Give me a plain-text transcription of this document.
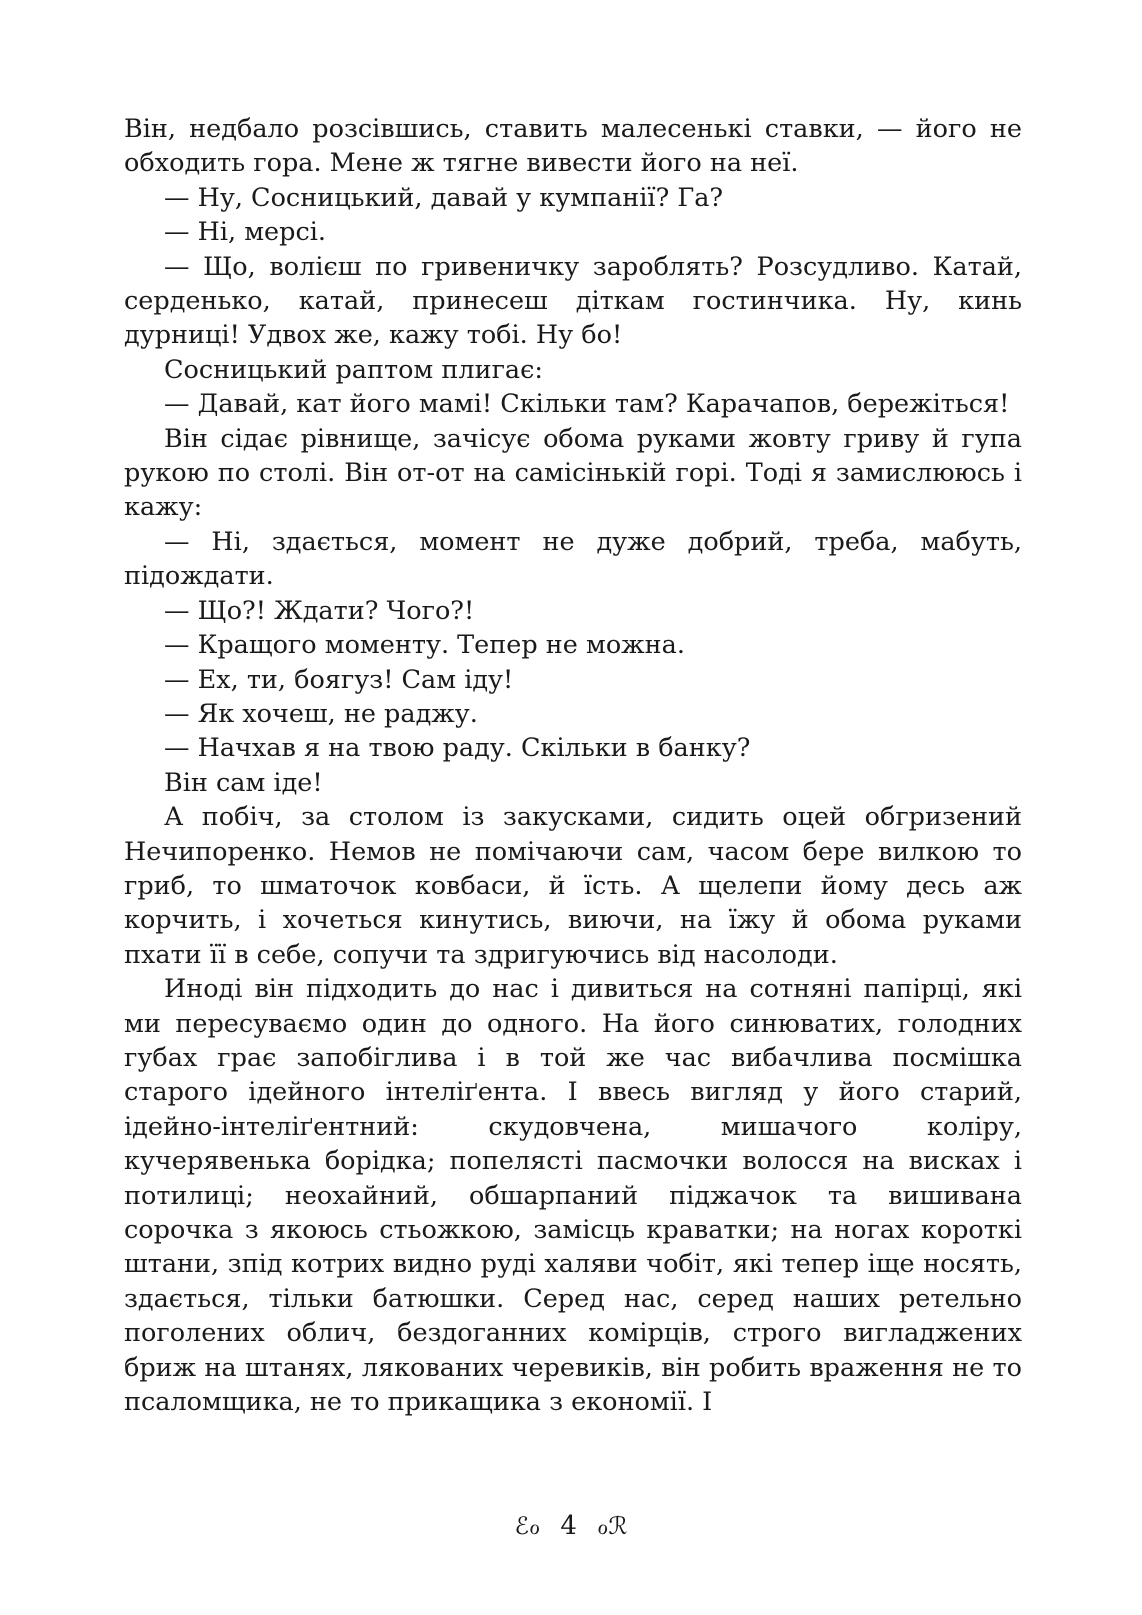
Він, недбало розсівшись, ставить малесенькі ставки, — його не обходить гора. Мене ж тягне вивести його на неї.

— Ну, Сосницький, давай у кумпанії? Га?

— Ні, мерсі.

— Що, волієш по гривеничку зароблять? Розсудливо. Катай, серденько, катай, принесеш діткам гостинчика. Ну, кинь дурниці! Удвох же, кажу тобі. Ну бо!

Сосницький раптом плигає:

— Давай, кат його мамі! Скільки там? Карачапов, бережіться!

Він сідає рівнище, зачісує обома руками жовту гриву й гупа рукою по столі. Він от-от на самісінькій горі. Тоді я замислююсь і кажу:

— Ні, здається, момент не дуже добрий, треба, мабуть, підождати.

— Що?! Ждати? Чого?!

— Кращого моменту. Тепер не можна.

— Ех, ти, боягуз! Сам іду!

— Як хочеш, не раджу.

— Начхав я на твою раду. Скільки в банку?

Він сам іде!

А побіч, за столом із закусками, сидить оцей обгризений Нечипоренко. Немов не помічаючи сам, часом бере вилкою то гриб, то шматочок ковбаси, й їсть. А щелепи йому десь аж корчить, і хочеться кинутись, виючи, на їжу й обома руками пхати її в себе, сопучи та здригуючись від насолоди.

Иноді він підходить до нас і дивиться на сотняні папірці, які ми пересуваємо один до одного. На його синюватих, голодних губах грає запобіглива і в той же час вибачлива посмішка старого ідейного інтеліґента. І ввесь вигляд у його старий, ідейно-інтеліґентний: скудовчена, мишачого коліру, кучерявенька борідка; попелясті пасмочки волосся на висках і потилиці; неохайний, обшарпаний піджачок та вишивана сорочка з якоюсь стьожкою, замісць краватки; на ногах короткі штани, зпід котрих видно руді халяви чобіт, які тепер іще носять, здається, тільки батюшки. Серед нас, серед наших ретельно поголених облич, бездоганних комірців, строго вигладжених бриж на штанях, лякованих черевиків, він робить враження не то псаломщика, не то прикащика з економії. І

ℰℴ 4 ℴℛ
